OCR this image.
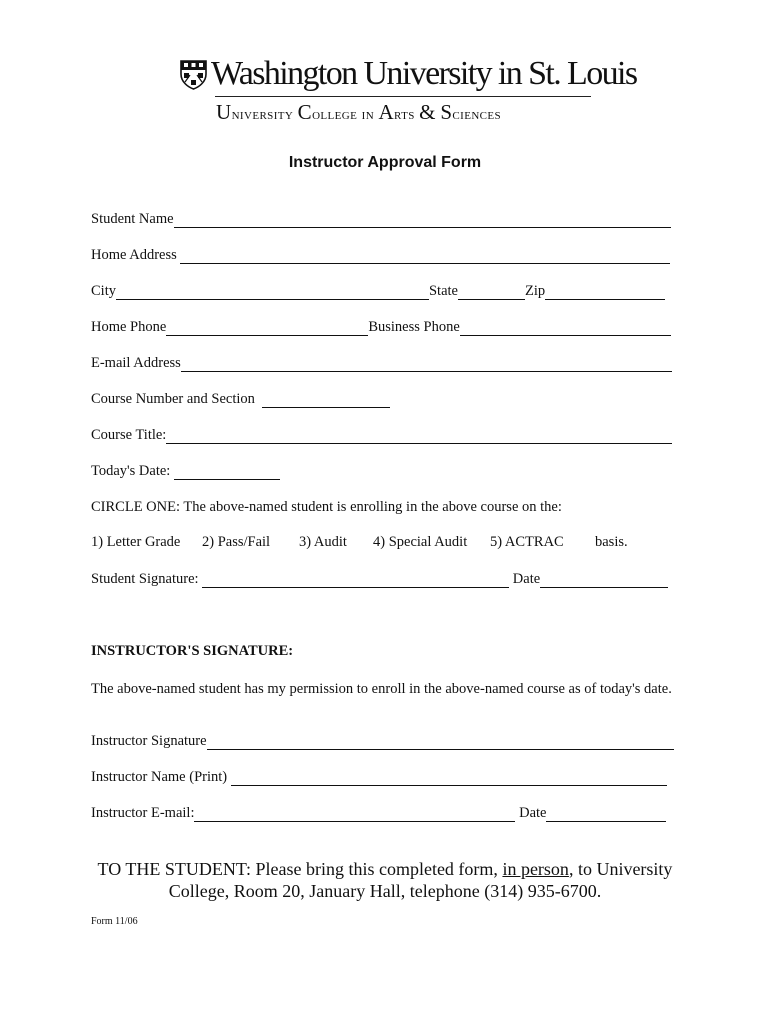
Washington University in St. Louis
University College in Arts & Sciences
Instructor Approval Form
Student Name
Home Address
City	State	Zip
Home Phone	Business Phone
E-mail Address
Course Number and Section
Course Title:
Today's Date:
CIRCLE ONE: The above-named student is enrolling in the above course on the:
1) Letter Grade 2) Pass/Fail 3) Audit 4) Special Audit 5) ACTRAC basis.
Student Signature:	Date
INSTRUCTOR'S SIGNATURE:
The above-named student has my permission to enroll in the above-named course as of today's date.
Instructor Signature
Instructor Name (Print)
Instructor E-mail:	Date
TO THE STUDENT: Please bring this completed form, in person, to University
College, Room 20, January Hall, telephone (314) 935-6700.
Form 11/06
